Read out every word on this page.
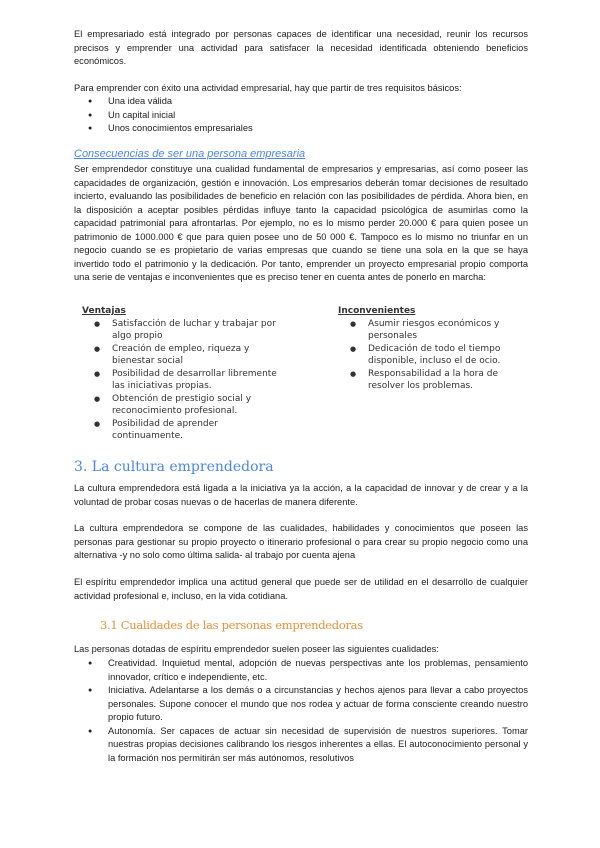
El empresariado está integrado por personas capaces de identificar una necesidad, reunir los recursos precisos y emprender una actividad para satisfacer la necesidad identificada obteniendo beneficios económicos.

Para emprender con éxito una actividad empresarial, hay que partir de tres requisitos básicos:

● Una idea válida
● Un capital inicial
● Unos conocimientos empresariales
Consecuencias de ser una persona empresaria

Ser emprendedor constituye una cualidad fundamental de empresarios y empresarias, así como poseer las capacidades de organización, gestión e innovación. Los empresarios deberán tomar decisiones de resultado incierto, evaluando las posibilidades de beneficio en relación con las posibilidades de pérdida. Ahora bien, en la disposición a aceptar posibles pérdidas influye tanto la capacidad psicológica de asumirlas como la capacidad patrimonial para afrontarlas. Por ejemplo, no es lo mismo perder 20.000 € para quien posee un patrimonio de 1000.000 € que para quien posee uno de 50 000 €. Tampoco es lo mismo no triunfar en un negocio cuando se es propietario de varias empresas que cuando se tiene una sola en la que se haya invertido todo el patrimonio y la dedicación. Por tanto, emprender un proyecto empresarial propio comporta una serie de ventajas e inconvenientes que es preciso tener en cuenta antes de ponerlo en marcha:

Ventajas
● Satisfacción de luchar y trabajar por algo propio
● Creación de empleo, riqueza y bienestar social
● Posibilidad de desarrollar libremente las iniciativas propias.
● Obtención de prestigio social y reconocimiento profesional.
● Posibilidad de aprender continuamente.
Inconvenientes
● Asumir riesgos económicos y personales
● Dedicación de todo el tiempo disponible, incluso el de ocio.
● Responsabilidad a la hora de resolver los problemas.
3. La cultura emprendedora

La cultura emprendedora está ligada a la iniciativa ya la acción, a la capacidad de innovar y de crear y a la voluntad de probar cosas nuevas o de hacerlas de manera diferente.

La cultura emprendedora se compone de las cualidades, habilidades y conocimientos que poseen las personas para gestionar su propio proyecto o itinerario profesional o para crear su propio negocio como una alternativa -y no solo como última salida- al trabajo por cuenta ajena

El espíritu emprendedor implica una actitud general que puede ser de utilidad en el desarrollo de cualquier actividad profesional e, incluso, en la vida cotidiana.

3.1 Cualidades de las personas emprendedoras

Las personas dotadas de espíritu emprendedor suelen poseer las siguientes cualidades:

● Creatividad. Inquietud mental, adopción de nuevas perspectivas ante los problemas, pensamiento innovador, crítico e independiente, etc.
● Iniciativa. Adelantarse a los demás o a circunstancias y hechos ajenos para llevar a cabo proyectos personales. Supone conocer el mundo que nos rodea y actuar de forma consciente creando nuestro propio futuro.
● Autonomía. Ser capaces de actuar sin necesidad de supervisión de nuestros superiores. Tomar nuestras propias decisiones calibrando los riesgos inherentes a ellas. El autoconocimiento personal y la formación nos permitirán ser más autónomos, resolutivos
